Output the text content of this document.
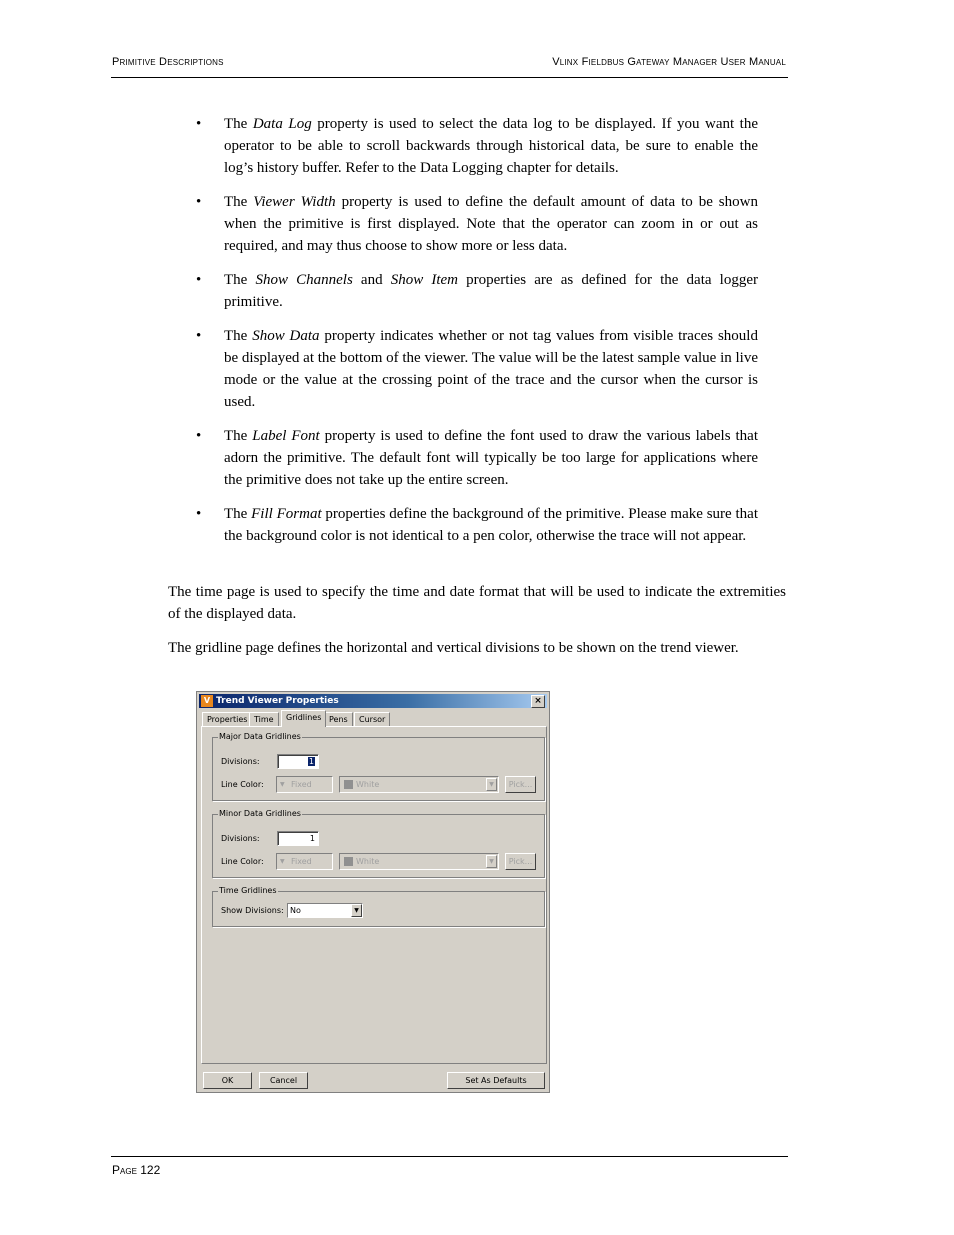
Primitive Descriptions	Vlinx Fieldbus Gateway Manager User Manual
• The Data Log property is used to select the data log to be displayed. If you want the operator to be able to scroll backwards through historical data, be sure to enable the log’s history buffer. Refer to the Data Logging chapter for details.
• The Viewer Width property is used to define the default amount of data to be shown when the primitive is first displayed. Note that the operator can zoom in or out as required, and may thus choose to show more or less data.
• The Show Channels and Show Item properties are as defined for the data logger primitive.
• The Show Data property indicates whether or not tag values from visible traces should be displayed at the bottom of the viewer. The value will be the latest sample value in live mode or the value at the crossing point of the trace and the cursor when the cursor is used.
• The Label Font property is used to define the font used to draw the various labels that adorn the primitive. The default font will typically be too large for applications where the primitive does not take up the entire screen.
• The Fill Format properties define the background of the primitive. Please make sure that the background color is not identical to a pen color, otherwise the trace will not appear.

The time page is used to specify the time and date format that will be used to indicate the extremities of the displayed data.

The gridline page defines the horizontal and vertical divisions to be shown on the trend viewer.

V Trend Viewer Properties	×
Properties Time	Gridlines Pens	Cursor
Major Data Gridlines
Divisions:	1
Line Color:	Fixed
▼	White	▼	Pick...
Minor Data Gridlines
Divisions:	1
Line Color:	Fixed
▼	White	▼	Pick...
Time Gridlines
Show Divisions: No	▼
OK	Cancel	Set As Defaults
Page 122
